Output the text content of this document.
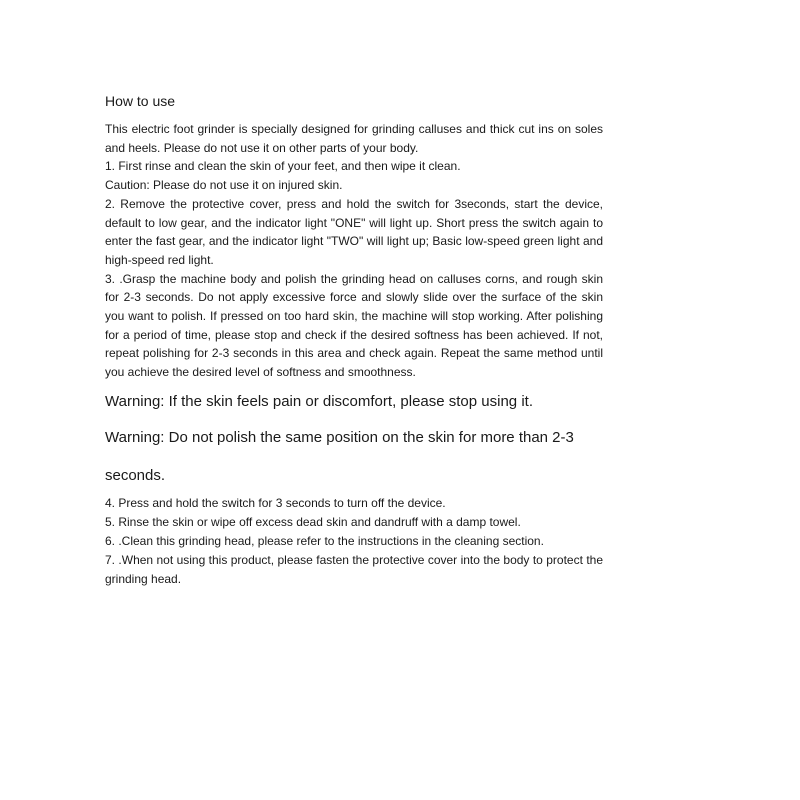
How to use

This electric foot grinder is specially designed for grinding calluses and thick cut ins on soles and heels. Please do not use it on other parts of your body.

1. First rinse and clean the skin of your feet, and then wipe it clean.

Caution: Please do not use it on injured skin.

2. Remove the protective cover, press and hold the switch for 3seconds, start the device, default to low gear, and the indicator light "ONE" will light up. Short press the switch again to enter the fast gear, and the indicator light "TWO" will light up; Basic low-speed green light and high-speed red light.

3. .Grasp the machine body and polish the grinding head on calluses corns, and rough skin for 2-3 seconds. Do not apply excessive force and slowly slide over the surface of the skin you want to polish. If pressed on too hard skin, the machine will stop working. After polishing for a period of time, please stop and check if the desired softness has been achieved. If not, repeat polishing for 2-3 seconds in this area and check again. Repeat the same method until you achieve the desired level of softness and smoothness.

Warning: If the skin feels pain or discomfort, please stop using it.

Warning: Do not polish the same position on the skin for more than 2-3

seconds.

4. Press and hold the switch for 3 seconds to turn off the device.

5. Rinse the skin or wipe off excess dead skin and dandruff with a damp towel.

6. .Clean this grinding head, please refer to the instructions in the cleaning section.

7. .When not using this product, please fasten the protective cover into the body to protect the grinding head.
